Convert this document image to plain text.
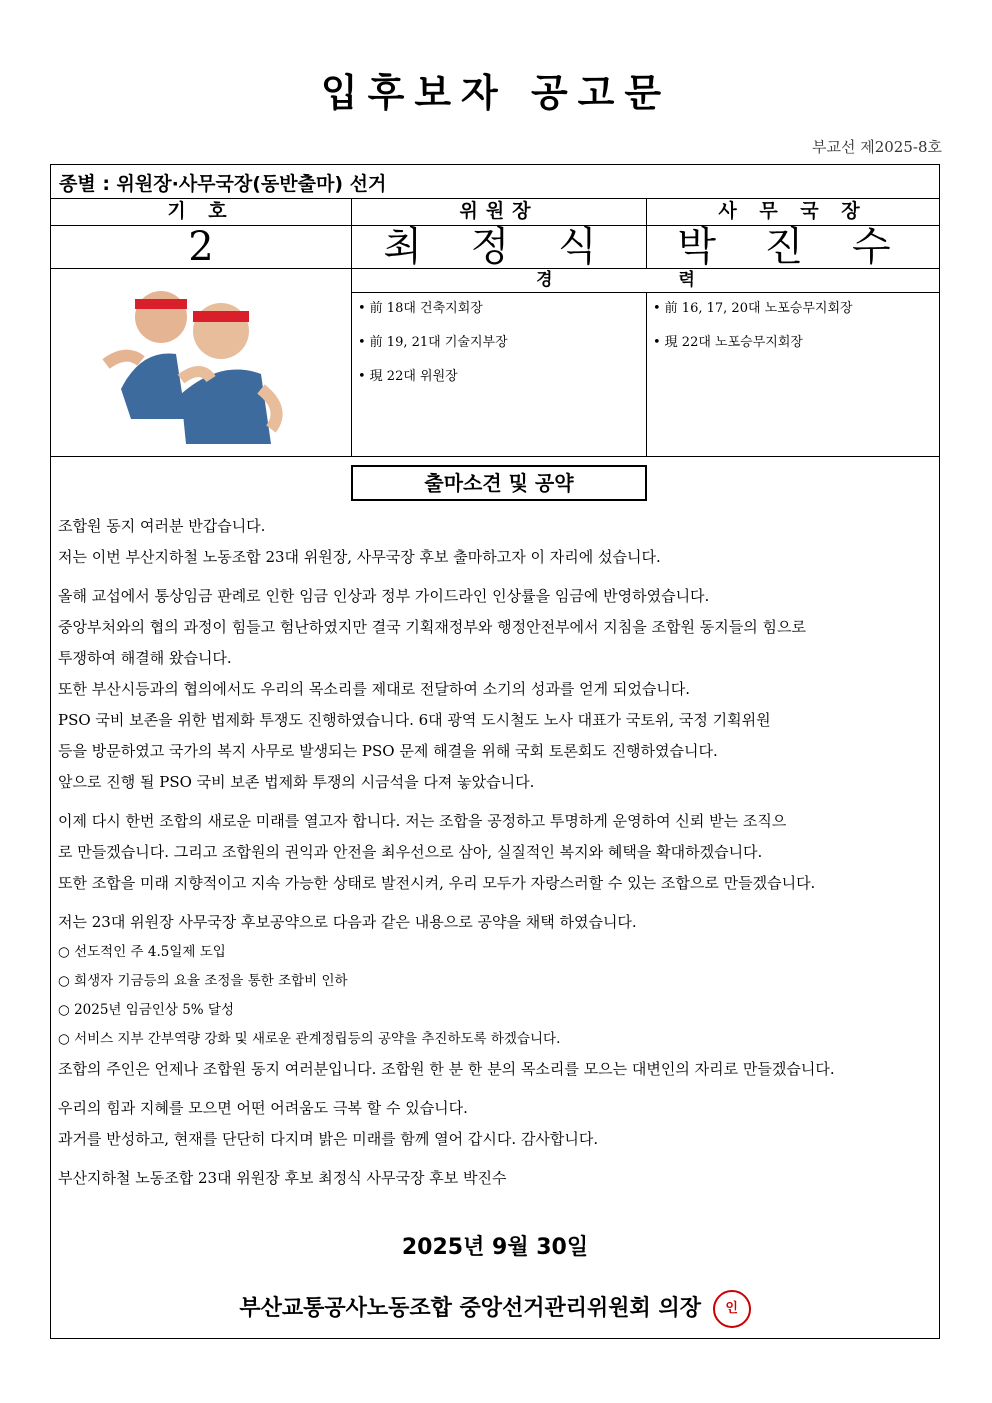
입후보자 공고문
부교선 제2025-8호
종별 : 위원장·사무국장(동반출마) 선거
기 호	위원장	사 무 국 장
2	최 정 식	박 진 수
경 력
• 前 18대 건축지회장
• 前 19, 21대 기술지부장
• 現 22대 위원장
• 前 16, 17, 20대 노포승무지회장
• 現 22대 노포승무지회장
출마소견 및 공약

조합원 동지 여러분 반갑습니다.

저는 이번 부산지하철 노동조합 23대 위원장, 사무국장 후보 출마하고자 이 자리에 섰습니다.

올해 교섭에서 통상임금 판례로 인한 임금 인상과 정부 가이드라인 인상률을 임금에 반영하였습니다.

중앙부처와의 협의 과정이 힘들고 험난하였지만 결국 기획재정부와 행정안전부에서 지침을 조합원 동지들의 힘으로

투쟁하여 해결해 왔습니다.

또한 부산시등과의 협의에서도 우리의 목소리를 제대로 전달하여 소기의 성과를 얻게 되었습니다.

PSO 국비 보존을 위한 법제화 투쟁도 진행하였습니다. 6대 광역 도시철도 노사 대표가 국토위, 국정 기획위원

등을 방문하였고 국가의 복지 사무로 발생되는 PSO 문제 해결을 위해 국회 토론회도 진행하였습니다.

앞으로 진행 될 PSO 국비 보존 법제화 투쟁의 시금석을 다져 놓았습니다.

이제 다시 한번 조합의 새로운 미래를 열고자 합니다. 저는 조합을 공정하고 투명하게 운영하여 신뢰 받는 조직으

로 만들겠습니다. 그리고 조합원의 권익과 안전을 최우선으로 삼아, 실질적인 복지와 혜택을 확대하겠습니다.

또한 조합을 미래 지향적이고 지속 가능한 상태로 발전시켜, 우리 모두가 자랑스러할 수 있는 조합으로 만들겠습니다.

저는 23대 위원장 사무국장 후보공약으로 다음과 같은 내용으로 공약을 채택 하였습니다.

○ 선도적인 주 4.5일제 도입

○ 희생자 기금등의 요율 조정을 통한 조합비 인하

○ 2025년 임금인상 5% 달성

○ 서비스 지부 간부역량 강화 및 새로운 관계정립등의 공약을 추진하도록 하겠습니다.

조합의 주인은 언제나 조합원 동지 여러분입니다. 조합원 한 분 한 분의 목소리를 모으는 대변인의 자리로 만들겠습니다.

우리의 힘과 지혜를 모으면 어떤 어려움도 극복 할 수 있습니다.

과거를 반성하고, 현재를 단단히 다지며 밝은 미래를 함께 열어 갑시다. 감사합니다.

부산지하철 노동조합 23대 위원장 후보 최정식 사무국장 후보 박진수

2025년 9월 30일
부산교통공사노동조합 중앙선거관리위원회 의장 인
